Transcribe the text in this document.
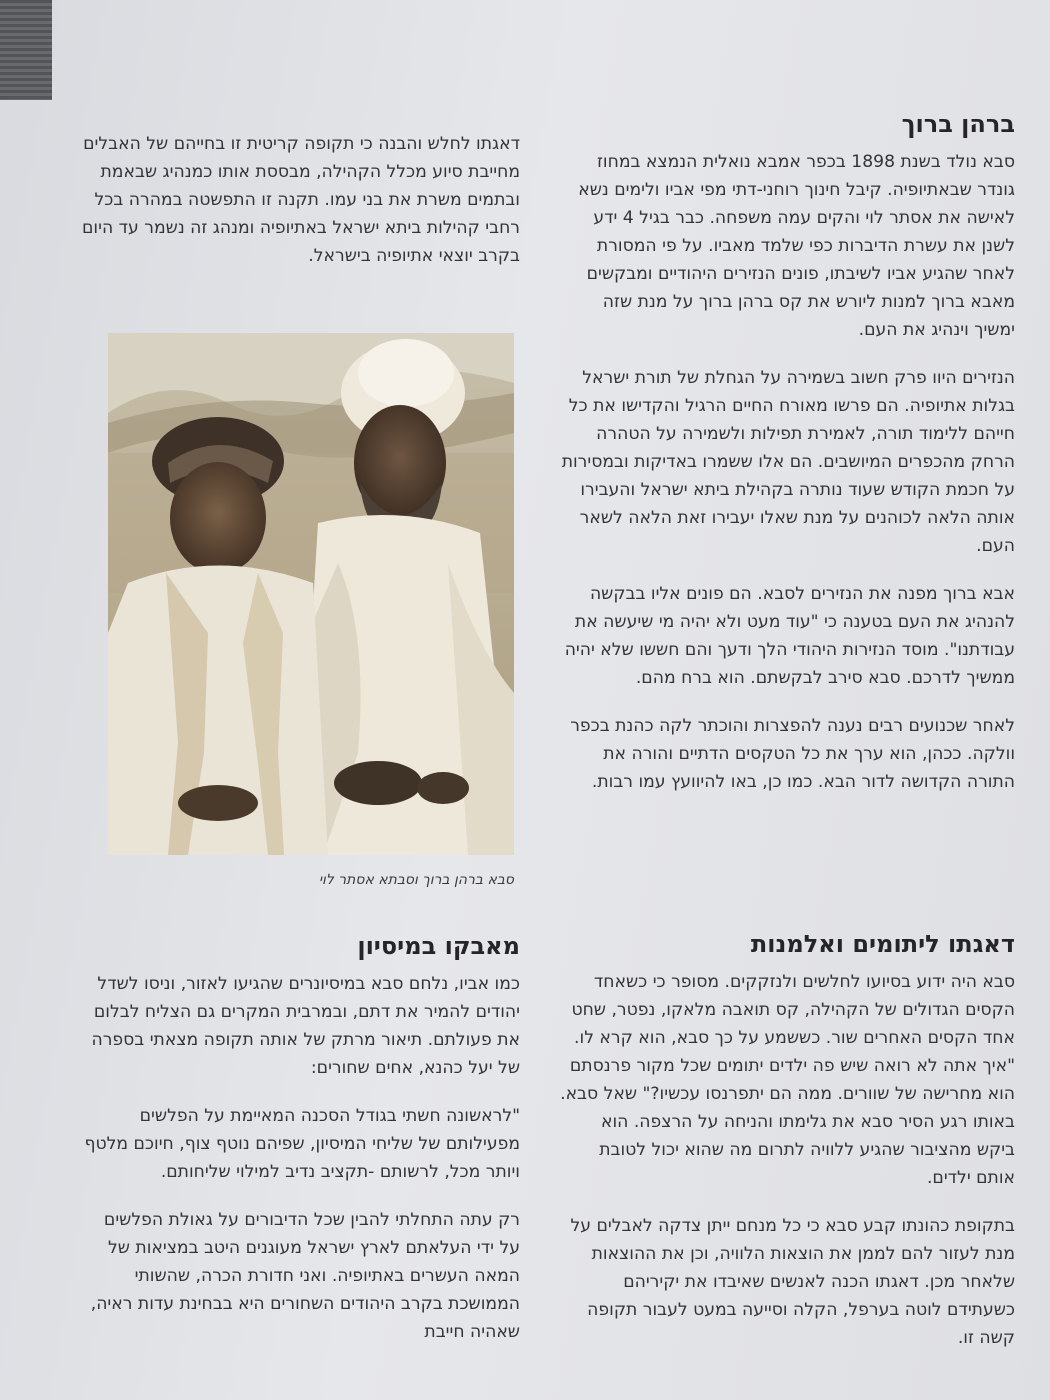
ברהן ברוך

סבא נולד בשנת 1898 בכפר אמבא נואלית הנמצא במחוז גונדר שבאתיופיה. קיבל חינוך רוחני-דתי מפי אביו ולימים נשא לאישה את אסתר לוי והקים עמה משפחה. כבר בגיל 4 ידע לשנן את עשרת הדיברות כפי שלמד מאביו. על פי המסורת לאחר שהגיע אביו לשיבתו, פונים הנזירים היהודיים ומבקשים מאבא ברוך למנות ליורש את קס ברהן ברוך על מנת שזה ימשיך וינהיג את העם.

הנזירים היוו פרק חשוב בשמירה על הגחלת של תורת ישראל בגלות אתיופיה. הם פרשו מאורח החיים הרגיל והקדישו את כל חייהם ללימוד תורה, לאמירת תפילות ולשמירה על הטהרה הרחק מהכפרים המיושבים. הם אלו ששמרו באדיקות ובמסירות על חכמת הקודש שעוד נותרה בקהילת ביתא ישראל והעבירו אותה הלאה לכוהנים על מנת שאלו יעבירו זאת הלאה לשאר העם.

אבא ברוך מפנה את הנזירים לסבא. הם פונים אליו בבקשה להנהיג את העם בטענה כי "עוד מעט ולא יהיה מי שיעשה את עבודתנו". מוסד הנזירות היהודי הלך ודעך והם חששו שלא יהיה ממשיך לדרכם. סבא סירב לבקשתם. הוא ברח מהם.

לאחר שכנועים רבים נענה להפצרות והוכתר לקה כהנת בכפר וולקה. ככהן, הוא ערך את כל הטקסים הדתיים והורה את התורה הקדושה לדור הבא. כמו כן, באו להיוועץ עמו רבות.

דאגתו ליתומים ואלמנות

סבא היה ידוע בסיועו לחלשים ולנזקקים. מסופר כי כשאחד הקסים הגדולים של הקהילה, קס תואבה מלאקו, נפטר, שחט אחד הקסים האחרים שור. כששמע על כך סבא, הוא קרא לו. "איך אתה לא רואה שיש פה ילדים יתומים שכל מקור פרנסתם הוא מחרישה של שוורים. ממה הם יתפרנסו עכשיו?" שאל סבא. באותו רגע הסיר סבא את גלימתו והניחה על הרצפה. הוא ביקש מהציבור שהגיע ללוויה לתרום מה שהוא יכול לטובת אותם ילדים.

בתקופת כהונתו קבע סבא כי כל מנחם ייתן צדקה לאבלים על מנת לעזור להם לממן את הוצאות הלוויה, וכן את ההוצאות שלאחר מכן. דאגתו הכנה לאנשים שאיבדו את יקיריהם כשעתידם לוטה בערפל, הקלה וסייעה במעט לעבור תקופה קשה זו.

דאגתו לחלש והבנה כי תקופה קריטית זו בחייהם של האבלים מחייבת סיוע מכלל הקהילה, מבססת אותו כמנהיג שבאמת ובתמים משרת את בני עמו. תקנה זו התפשטה במהרה בכל רחבי קהילות ביתא ישראל באתיופיה ומנהג זה נשמר עד היום בקרב יוצאי אתיופיה בישראל.

סבא ברהן ברוך וסבתא אסתר לוי
מאבקו במיסיון

כמו אביו, נלחם סבא במיסיונרים שהגיעו לאזור, וניסו לשדל יהודים להמיר את דתם, ובמרבית המקרים גם הצליח לבלום את פעולתם. תיאור מרתק של אותה תקופה מצאתי בספרה של יעל כהנא, אחים שחורים:

"לראשונה חשתי בגודל הסכנה המאיימת על הפלשים מפעילותם של שליחי המיסיון, שפיהם נוטף צוף, חיוכם מלטף ויותר מכל, לרשותם -תקציב נדיב למילוי שליחותם.

רק עתה התחלתי להבין שכל הדיבורים על גאולת הפלשים על ידי העלאתם לארץ ישראל מעוגנים היטב במציאות של המאה העשרים באתיופיה. ואני חדורת הכרה, שהשותי הממושכת בקרב היהודים השחורים היא בבחינת עדות ראיה, שאהיה חייבת
